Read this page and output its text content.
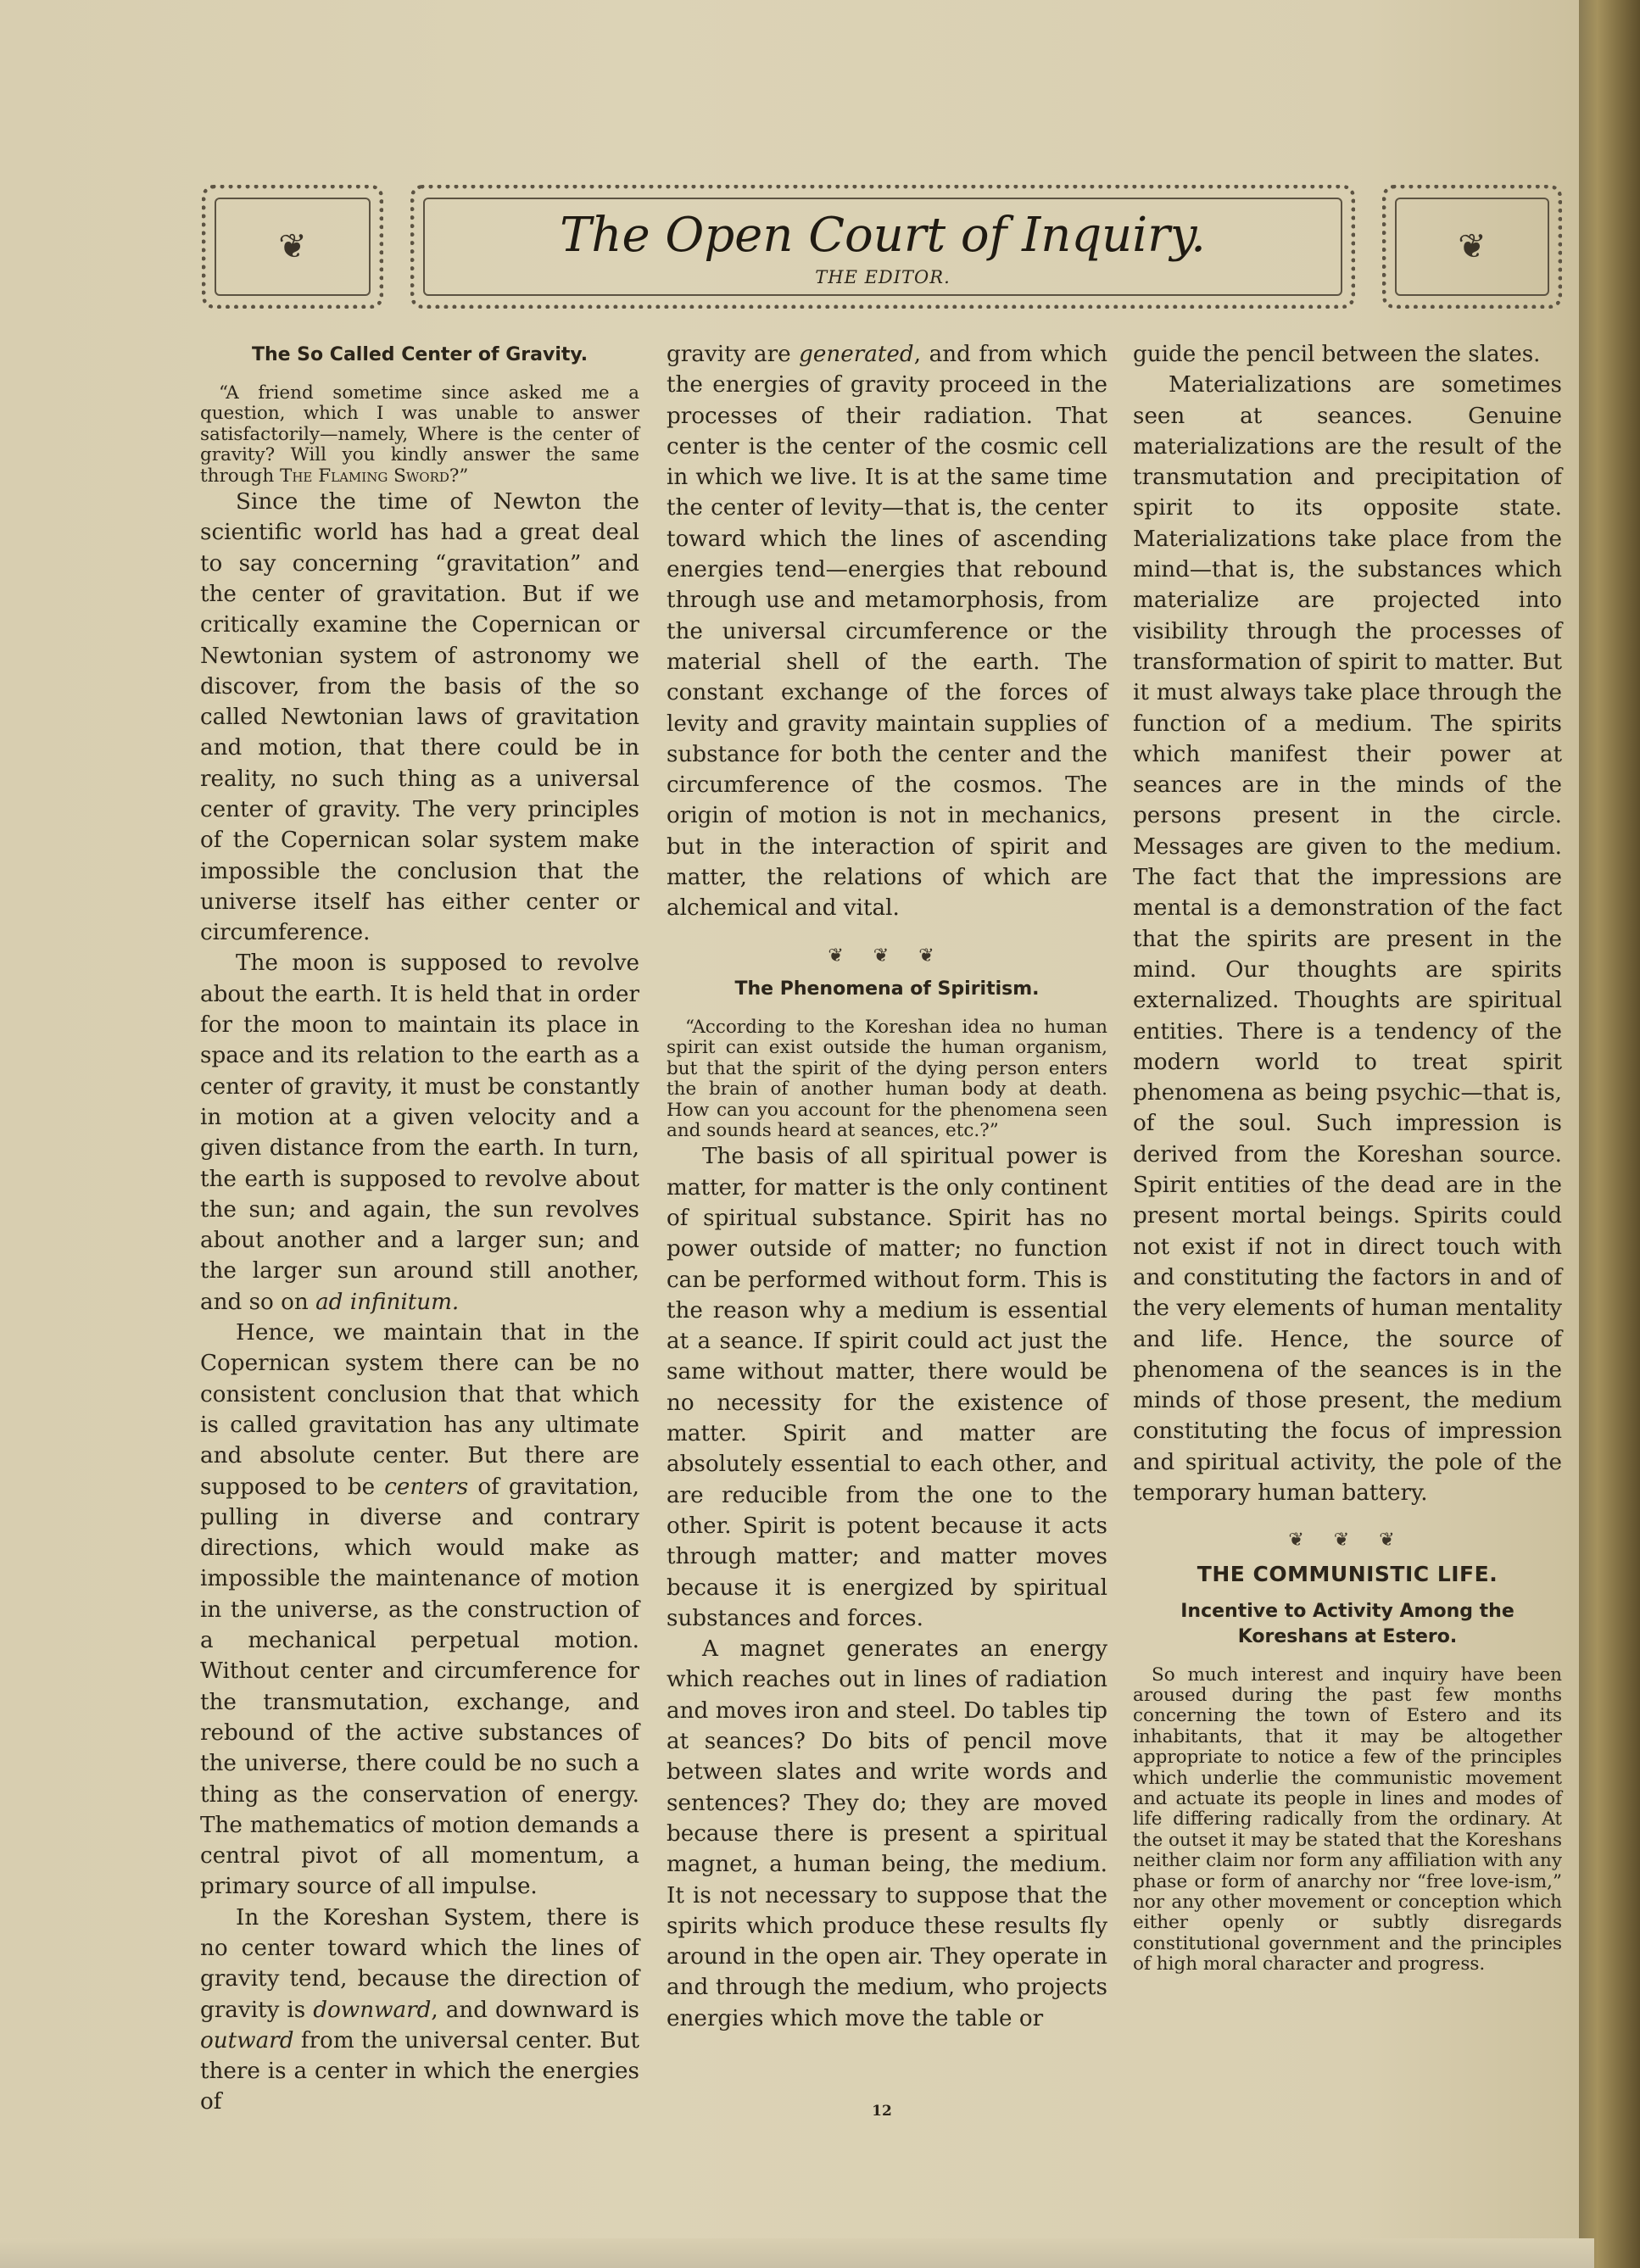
❦	The Open Court of Inquiry.
THE EDITOR.
❦
The So Called Center of Gravity.

“A friend sometime since asked me a question, which I was unable to answer satisfactorily—namely, Where is the center of gravity? Will you kindly answer the same through The Flaming Sword?”

Since the time of Newton the scientific world has had a great deal to say concerning “gravitation” and the center of gravitation. But if we critically examine the Copernican or Newtonian system of astronomy we discover, from the basis of the so called Newtonian laws of gravitation and motion, that there could be in reality, no such thing as a universal center of gravity. The very principles of the Copernican solar system make impossible the conclusion that the universe itself has either center or circumference.

The moon is supposed to revolve about the earth. It is held that in order for the moon to maintain its place in space and its relation to the earth as a center of gravity, it must be constantly in motion at a given velocity and a given distance from the earth. In turn, the earth is supposed to revolve about the sun; and again, the sun revolves about another and a larger sun; and the larger sun around still another, and so on ad infinitum.

Hence, we maintain that in the Copernican system there can be no consistent conclusion that that which is called gravitation has any ultimate and absolute center. But there are supposed to be centers of gravitation, pulling in diverse and contrary directions, which would make as impossible the maintenance of motion in the universe, as the construction of a mechanical perpetual motion. Without center and circumference for the transmutation, exchange, and rebound of the active substances of the universe, there could be no such a thing as the conservation of energy. The mathematics of motion demands a central pivot of all momentum, a primary source of all impulse.

In the Koreshan System, there is no center toward which the lines of gravity tend, because the direction of gravity is downward, and downward is outward from the universal center. But there is a center in which the energies of

gravity are generated, and from which the energies of gravity proceed in the processes of their radiation. That center is the center of the cosmic cell in which we live. It is at the same time the center of levity—that is, the center toward which the lines of ascending energies tend—energies that rebound through use and metamorphosis, from the universal circumference or the material shell of the earth. The constant exchange of the forces of levity and gravity maintain supplies of substance for both the center and the circumference of the cosmos. The origin of motion is not in mechanics, but in the interaction of spirit and matter, the relations of which are alchemical and vital.

❦ ❦ ❦
The Phenomena of Spiritism.

“According to the Koreshan idea no human spirit can exist outside the human organism, but that the spirit of the dying person enters the brain of another human body at death. How can you account for the phenomena seen and sounds heard at seances, etc.?”

The basis of all spiritual power is matter, for matter is the only continent of spiritual substance. Spirit has no power outside of matter; no function can be performed without form. This is the reason why a medium is essential at a seance. If spirit could act just the same without matter, there would be no necessity for the existence of matter. Spirit and matter are absolutely essential to each other, and are reducible from the one to the other. Spirit is potent because it acts through matter; and matter moves because it is energized by spiritual substances and forces.

A magnet generates an energy which reaches out in lines of radiation and moves iron and steel. Do tables tip at seances? Do bits of pencil move between slates and write words and sentences? They do; they are moved because there is present a spiritual magnet, a human being, the medium. It is not necessary to suppose that the spirits which produce these results fly around in the open air. They operate in and through the medium, who projects energies which move the table or

guide the pencil between the slates.

Materializations are sometimes seen at seances. Genuine materializations are the result of the transmutation and precipitation of spirit to its opposite state. Materializations take place from the mind—that is, the substances which materialize are projected into visibility through the processes of transformation of spirit to matter. But it must always take place through the function of a medium. The spirits which manifest their power at seances are in the minds of the persons present in the circle. Messages are given to the medium. The fact that the impressions are mental is a demonstration of the fact that the spirits are present in the mind. Our thoughts are spirits externalized. Thoughts are spiritual entities. There is a tendency of the modern world to treat spirit phenomena as being psychic—that is, of the soul. Such impression is derived from the Koreshan source. Spirit entities of the dead are in the present mortal beings. Spirits could not exist if not in direct touch with and constituting the factors in and of the very elements of human mentality and life. Hence, the source of phenomena of the seances is in the minds of those present, the medium constituting the focus of impression and spiritual activity, the pole of the temporary human battery.

❦ ❦ ❦
THE COMMUNISTIC LIFE.
Incentive to Activity Among the Koreshans at Estero.

So much interest and inquiry have been aroused during the past few months concerning the town of Estero and its inhabitants, that it may be altogether appropriate to notice a few of the principles which underlie the communistic movement and actuate its people in lines and modes of life differing radically from the ordinary. At the outset it may be stated that the Koreshans neither claim nor form any affiliation with any phase or form of anarchy nor “free love-ism,” nor any other movement or conception which either openly or subtly disregards constitutional government and the principles of high moral character and progress.

12
